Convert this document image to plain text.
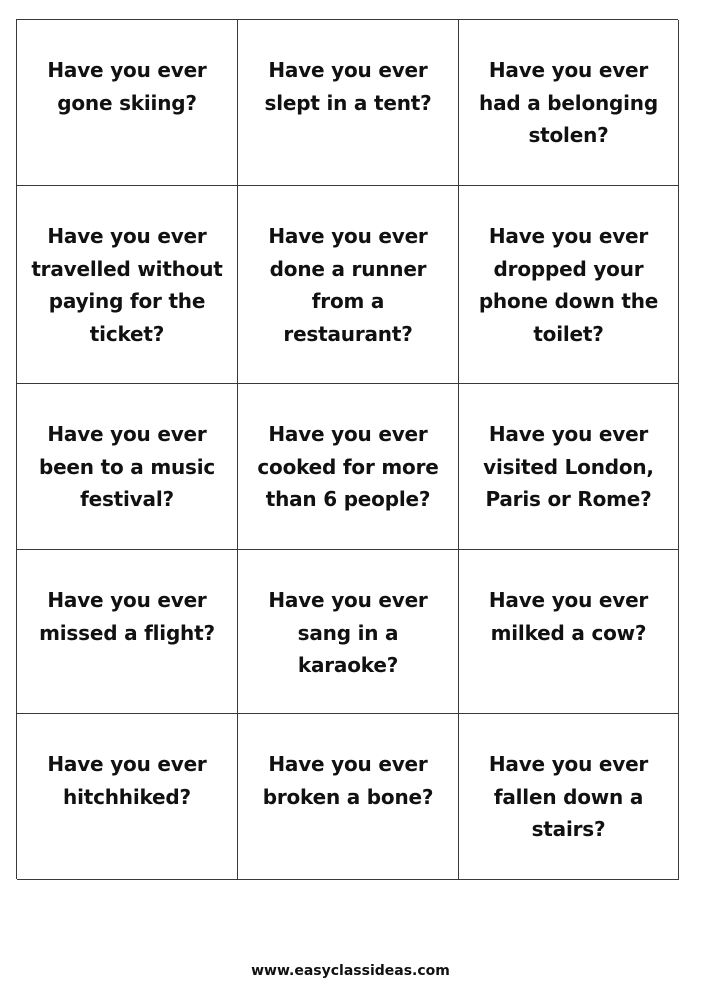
Have you ever
gone skiing?
Have you ever
slept in a tent?
Have you ever
had a belonging
stolen?
Have you ever
travelled without
paying for the
ticket?
Have you ever
done a runner
from a
restaurant?
Have you ever
dropped your
phone down the
toilet?
Have you ever
been to a music
festival?
Have you ever
cooked for more
than 6 people?
Have you ever
visited London,
Paris or Rome?
Have you ever
missed a flight?
Have you ever
sang in a
karaoke?
Have you ever
milked a cow?
Have you ever
hitchhiked?
Have you ever
broken a bone?
Have you ever
fallen down a
stairs?
www.easyclassideas.com
